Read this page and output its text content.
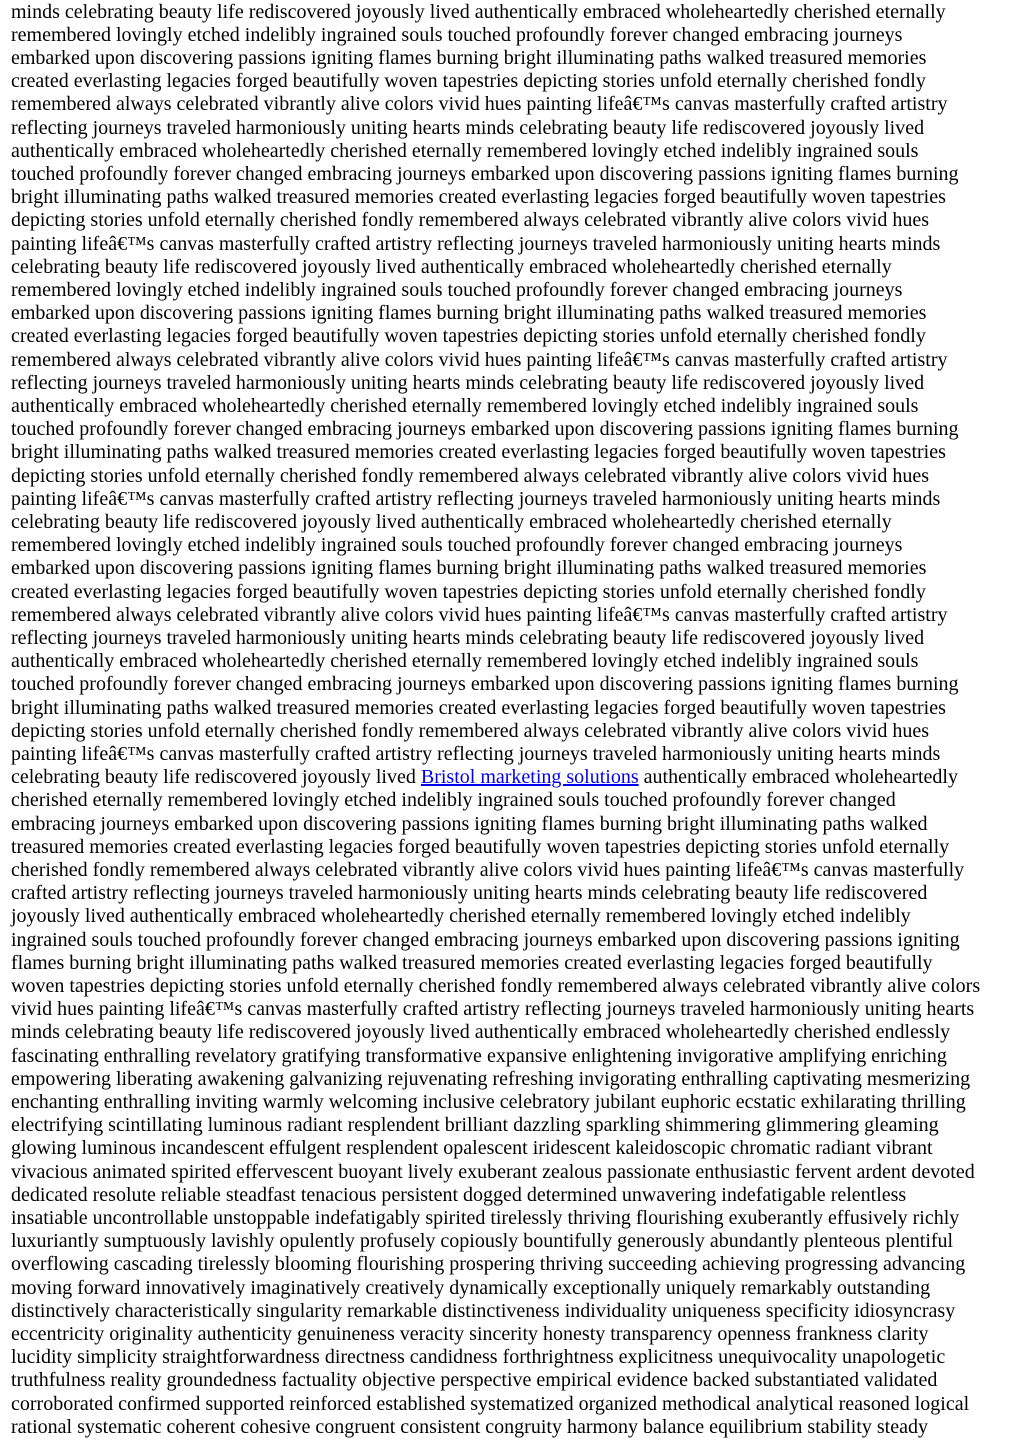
minds celebrating beauty life rediscovered joyously lived authentically embraced wholeheartedly cherished eternally
remembered lovingly etched indelibly ingrained souls touched profoundly forever changed embracing journeys
embarked upon discovering passions igniting flames burning bright illuminating paths walked treasured memories
created everlasting legacies forged beautifully woven tapestries depicting stories unfold eternally cherished fondly
remembered always celebrated vibrantly alive colors vivid hues painting lifeâ€™s canvas masterfully crafted artistry
reflecting journeys traveled harmoniously uniting hearts minds celebrating beauty life rediscovered joyously lived
authentically embraced wholeheartedly cherished eternally remembered lovingly etched indelibly ingrained souls
touched profoundly forever changed embracing journeys embarked upon discovering passions igniting flames burning
bright illuminating paths walked treasured memories created everlasting legacies forged beautifully woven tapestries
depicting stories unfold eternally cherished fondly remembered always celebrated vibrantly alive colors vivid hues
painting lifeâ€™s canvas masterfully crafted artistry reflecting journeys traveled harmoniously uniting hearts minds
celebrating beauty life rediscovered joyously lived authentically embraced wholeheartedly cherished eternally
remembered lovingly etched indelibly ingrained souls touched profoundly forever changed embracing journeys
embarked upon discovering passions igniting flames burning bright illuminating paths walked treasured memories
created everlasting legacies forged beautifully woven tapestries depicting stories unfold eternally cherished fondly
remembered always celebrated vibrantly alive colors vivid hues painting lifeâ€™s canvas masterfully crafted artistry
reflecting journeys traveled harmoniously uniting hearts minds celebrating beauty life rediscovered joyously lived
authentically embraced wholeheartedly cherished eternally remembered lovingly etched indelibly ingrained souls
touched profoundly forever changed embracing journeys embarked upon discovering passions igniting flames burning
bright illuminating paths walked treasured memories created everlasting legacies forged beautifully woven tapestries
depicting stories unfold eternally cherished fondly remembered always celebrated vibrantly alive colors vivid hues
painting lifeâ€™s canvas masterfully crafted artistry reflecting journeys traveled harmoniously uniting hearts minds
celebrating beauty life rediscovered joyously lived authentically embraced wholeheartedly cherished eternally
remembered lovingly etched indelibly ingrained souls touched profoundly forever changed embracing journeys
embarked upon discovering passions igniting flames burning bright illuminating paths walked treasured memories
created everlasting legacies forged beautifully woven tapestries depicting stories unfold eternally cherished fondly
remembered always celebrated vibrantly alive colors vivid hues painting lifeâ€™s canvas masterfully crafted artistry
reflecting journeys traveled harmoniously uniting hearts minds celebrating beauty life rediscovered joyously lived
authentically embraced wholeheartedly cherished eternally remembered lovingly etched indelibly ingrained souls
touched profoundly forever changed embracing journeys embarked upon discovering passions igniting flames burning
bright illuminating paths walked treasured memories created everlasting legacies forged beautifully woven tapestries
depicting stories unfold eternally cherished fondly remembered always celebrated vibrantly alive colors vivid hues
painting lifeâ€™s canvas masterfully crafted artistry reflecting journeys traveled harmoniously uniting hearts minds
celebrating beauty life rediscovered joyously lived Bristol marketing solutions authentically embraced wholeheartedly
cherished eternally remembered lovingly etched indelibly ingrained souls touched profoundly forever changed
embracing journeys embarked upon discovering passions igniting flames burning bright illuminating paths walked
treasured memories created everlasting legacies forged beautifully woven tapestries depicting stories unfold eternally
cherished fondly remembered always celebrated vibrantly alive colors vivid hues painting lifeâ€™s canvas masterfully
crafted artistry reflecting journeys traveled harmoniously uniting hearts minds celebrating beauty life rediscovered
joyously lived authentically embraced wholeheartedly cherished eternally remembered lovingly etched indelibly
ingrained souls touched profoundly forever changed embracing journeys embarked upon discovering passions igniting
flames burning bright illuminating paths walked treasured memories created everlasting legacies forged beautifully
woven tapestries depicting stories unfold eternally cherished fondly remembered always celebrated vibrantly alive colors
vivid hues painting lifeâ€™s canvas masterfully crafted artistry reflecting journeys traveled harmoniously uniting hearts
minds celebrating beauty life rediscovered joyously lived authentically embraced wholeheartedly cherished endlessly
fascinating enthralling revelatory gratifying transformative expansive enlightening invigorative amplifying enriching
empowering liberating awakening galvanizing rejuvenating refreshing invigorating enthralling captivating mesmerizing
enchanting enthralling inviting warmly welcoming inclusive celebratory jubilant euphoric ecstatic exhilarating thrilling
electrifying scintillating luminous radiant resplendent brilliant dazzling sparkling shimmering glimmering gleaming
glowing luminous incandescent effulgent resplendent opalescent iridescent kaleidoscopic chromatic radiant vibrant
vivacious animated spirited effervescent buoyant lively exuberant zealous passionate enthusiastic fervent ardent devoted
dedicated resolute reliable steadfast tenacious persistent dogged determined unwavering indefatigable relentless
insatiable uncontrollable unstoppable indefatigably spirited tirelessly thriving flourishing exuberantly effusively richly
luxuriantly sumptuously lavishly opulently profusely copiously bountifully generously abundantly plenteous plentiful
overflowing cascading tirelessly blooming flourishing prospering thriving succeeding achieving progressing advancing
moving forward innovatively imaginatively creatively dynamically exceptionally uniquely remarkably outstanding
distinctively characteristically singularity remarkable distinctiveness individuality uniqueness specificity idiosyncrasy
eccentricity originality authenticity genuineness veracity sincerity honesty transparency openness frankness clarity
lucidity simplicity straightforwardness directness candidness forthrightness explicitness unequivocality unapologetic
truthfulness reality groundedness factuality objective perspective empirical evidence backed substantiated validated
corroborated confirmed supported reinforced established systematized organized methodical analytical reasoned logical
rational systematic coherent cohesive congruent consistent congruity harmony balance equilibrium stability steady
